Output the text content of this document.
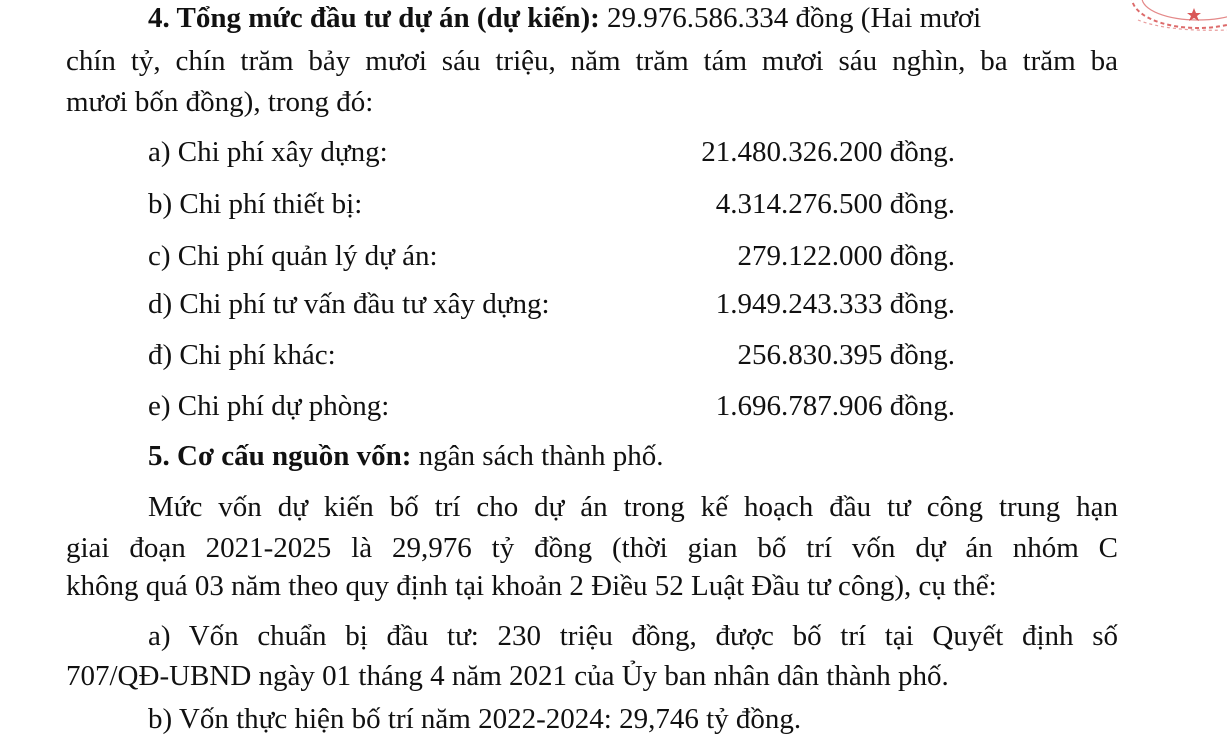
4. Tổng mức đầu tư dự án (dự kiến): 29.976.586.334 đồng (Hai mươi
chín tỷ, chín trăm bảy mươi sáu triệu, năm trăm tám mươi sáu nghìn, ba trăm ba
mươi bốn đồng), trong đó:
a) Chi phí xây dựng:	21.480.326.200 đồng.
b) Chi phí thiết bị:	4.314.276.500 đồng.
c) Chi phí quản lý dự án:	279.122.000 đồng.
d) Chi phí tư vấn đầu tư xây dựng:	1.949.243.333 đồng.
đ) Chi phí khác:	256.830.395 đồng.
e) Chi phí dự phòng:	1.696.787.906 đồng.
5. Cơ cấu nguồn vốn: ngân sách thành phố.
Mức vốn dự kiến bố trí cho dự án trong kế hoạch đầu tư công trung hạn
giai đoạn 2021-2025 là 29,976 tỷ đồng (thời gian bố trí vốn dự án nhóm C
không quá 03 năm theo quy định tại khoản 2 Điều 52 Luật Đầu tư công), cụ thể:
a) Vốn chuẩn bị đầu tư: 230 triệu đồng, được bố trí tại Quyết định số
707/QĐ-UBND ngày 01 tháng 4 năm 2021 của Ủy ban nhân dân thành phố.
b) Vốn thực hiện bố trí năm 2022-2024: 29,746 tỷ đồng.
